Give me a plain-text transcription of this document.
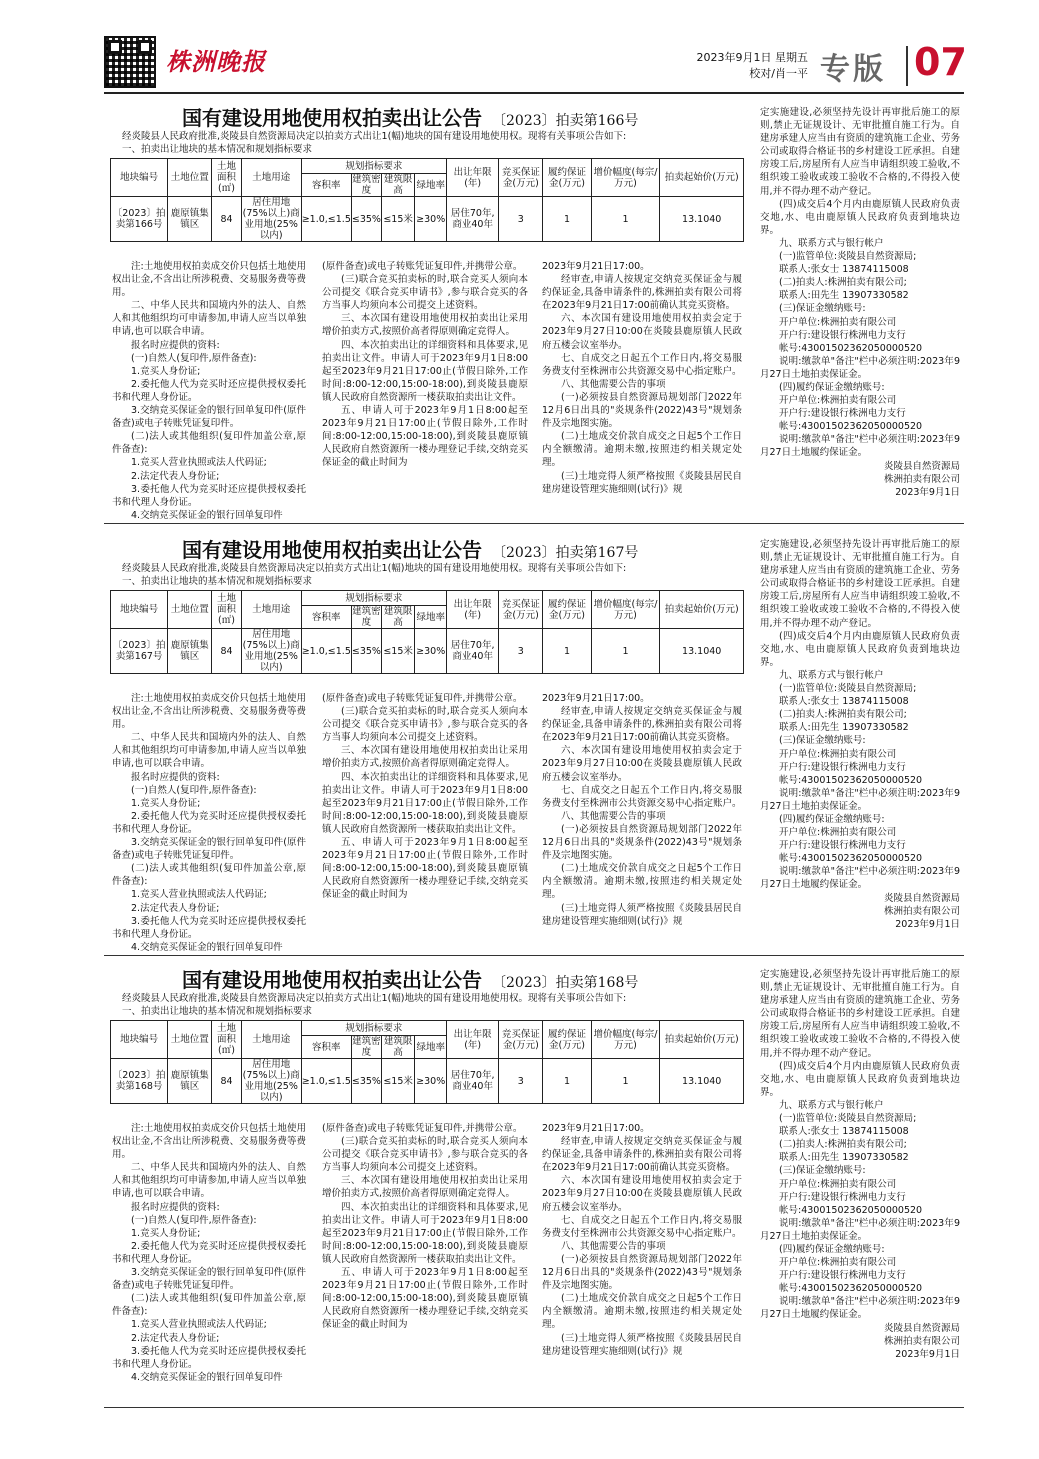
株洲晚报	2023年9月1日 星期五
校对/肖一平 专版 07
国有建设用地使用权拍卖出让公告 〔2023〕拍卖第166号
经炎陵县人民政府批准,炎陵县自然资源局决定以拍卖方式出让1(幅)地块的国有建设用地使用权。现将有关事项公告如下:
一、拍卖出让地块的基本情况和规划指标要求
地块编号	土地位置	土地面积(㎡)	土地用途	规划指标要求				出让年限(年)	竞买保证金(万元)	履约保证金(万元)	增价幅度(每宗/万元)	拍卖起始价(万元)
				容积率	建筑密度	建筑限高	绿地率					
〔2023〕拍卖第166号	鹿原镇集镇区	84	居住用地(75%以上)商业用地(25%以内)	≥1.0,≤1.5	≤35%	≤15米	≥30%	居住70年,商业40年	3	1	1	13.1040

注:土地使用权拍卖成交价只包括土地使用权出让金,不含出让所涉税费、交易服务费等费用。

二、中华人民共和国境内外的法人、自然人和其他组织均可申请参加,申请人应当以单独申请,也可以联合申请。

报名时应提供的资料:

(一)自然人(复印件,原件备查):

1.竞买人身份证;

2.委托他人代为竞买时还应提供授权委托书和代理人身份证。

3.交纳竞买保证金的银行回单复印件(原件备查)或电子转账凭证复印件。

(二)法人或其他组织(复印件加盖公章,原件备查):

1.竞买人营业执照或法人代码证;

2.法定代表人身份证;

3.委托他人代为竞买时还应提供授权委托书和代理人身份证。

4.交纳竞买保证金的银行回单复印件

(原件备查)或电子转账凭证复印件,并携带公章。

(三)联合竞买拍卖标的时,联合竞买人须向本公司提交《联合竞买申请书》,参与联合竞买的各方当事人均须向本公司提交上述资料。

三、本次国有建设用地使用权拍卖出让采用增价拍卖方式,按照价高者得原则确定竞得人。

四、本次拍卖出让的详细资料和具体要求,见拍卖出让文件。申请人可于2023年9月1日8:00起至2023年9月21日17:00止(节假日除外,工作时间:8:00-12:00,15:00-18:00),到炎陵县鹿原镇人民政府自然资源所一楼获取拍卖出让文件。

五、申请人可于2023年9月1日8:00起至2023年9月21日17:00止(节假日除外,工作时间:8:00-12:00,15:00-18:00),到炎陵县鹿原镇人民政府自然资源所一楼办理登记手续,交纳竞买保证金的截止时间为

2023年9月21日17:00。

经审查,申请人按规定交纳竞买保证金与履约保证金,具备申请条件的,株洲拍卖有限公司将在2023年9月21日17:00前确认其竞买资格。

六、本次国有建设用地使用权拍卖会定于2023年9月27日10:00在炎陵县鹿原镇人民政府五楼会议室举办。

七、自成交之日起五个工作日内,将交易服务费支付至株洲市公共资源交易中心指定账户。

八、其他需要公告的事项

(一)必须按县自然资源局规划部门2022年12月6日出具的"炎规条件(2022)43号"规划条件及宗地图实施。

(二)土地成交价款自成交之日起5个工作日内全额缴清。逾期未缴,按照违约相关规定处理。

(三)土地竞得人须严格按照《炎陵县居民自建房建设管理实施细则(试行)》规

定实施建设,必须坚持先设计再审批后施工的原则,禁止无证规设计、无审批擅自施工行为。自建房承建人应当由有资质的建筑施工企业、劳务公司或取得合格证书的乡村建设工匠承担。自建房竣工后,房屋所有人应当申请组织竣工验收,不组织竣工验收或竣工验收不合格的,不得投入使用,并不得办理不动产登记。

(四)成交后4个月内由鹿原镇人民政府负责交地,水、电由鹿原镇人民政府负责到地块边界。

九、联系方式与银行帐户

(一)监管单位:炎陵县自然资源局;

联系人:张女士 13874115008

(二)拍卖人:株洲拍卖有限公司;

联系人:田先生 13907330582

(三)保证金缴纳账号:

开户单位:株洲拍卖有限公司

开户行:建设银行株洲电力支行

帐号:43001502362050000520

说明:缴款单"备注"栏中必须注明:2023年9月27日土地拍卖保证金。

(四)履约保证金缴纳账号:

开户单位:株洲拍卖有限公司

开户行:建设银行株洲电力支行

帐号:43001502362050000520

说明:缴款单"备注"栏中必须注明:2023年9月27日土地履约保证金。

炎陵县自然资源局
株洲拍卖有限公司
2023年9月1日
国有建设用地使用权拍卖出让公告 〔2023〕拍卖第167号
经炎陵县人民政府批准,炎陵县自然资源局决定以拍卖方式出让1(幅)地块的国有建设用地使用权。现将有关事项公告如下:
一、拍卖出让地块的基本情况和规划指标要求
地块编号	土地位置	土地面积(㎡)	土地用途	规划指标要求				出让年限(年)	竞买保证金(万元)	履约保证金(万元)	增价幅度(每宗/万元)	拍卖起始价(万元)
				容积率	建筑密度	建筑限高	绿地率					
〔2023〕拍卖第167号	鹿原镇集镇区	84	居住用地(75%以上)商业用地(25%以内)	≥1.0,≤1.5	≤35%	≤15米	≥30%	居住70年,商业40年	3	1	1	13.1040

注:土地使用权拍卖成交价只包括土地使用权出让金,不含出让所涉税费、交易服务费等费用。

二、中华人民共和国境内外的法人、自然人和其他组织均可申请参加,申请人应当以单独申请,也可以联合申请。

报名时应提供的资料:

(一)自然人(复印件,原件备查):

1.竞买人身份证;

2.委托他人代为竞买时还应提供授权委托书和代理人身份证。

3.交纳竞买保证金的银行回单复印件(原件备查)或电子转账凭证复印件。

(二)法人或其他组织(复印件加盖公章,原件备查):

1.竞买人营业执照或法人代码证;

2.法定代表人身份证;

3.委托他人代为竞买时还应提供授权委托书和代理人身份证。

4.交纳竞买保证金的银行回单复印件

(原件备查)或电子转账凭证复印件,并携带公章。

(三)联合竞买拍卖标的时,联合竞买人须向本公司提交《联合竞买申请书》,参与联合竞买的各方当事人均须向本公司提交上述资料。

三、本次国有建设用地使用权拍卖出让采用增价拍卖方式,按照价高者得原则确定竞得人。

四、本次拍卖出让的详细资料和具体要求,见拍卖出让文件。申请人可于2023年9月1日8:00起至2023年9月21日17:00止(节假日除外,工作时间:8:00-12:00,15:00-18:00),到炎陵县鹿原镇人民政府自然资源所一楼获取拍卖出让文件。

五、申请人可于2023年9月1日8:00起至2023年9月21日17:00止(节假日除外,工作时间:8:00-12:00,15:00-18:00),到炎陵县鹿原镇人民政府自然资源所一楼办理登记手续,交纳竞买保证金的截止时间为

2023年9月21日17:00。

经审查,申请人按规定交纳竞买保证金与履约保证金,具备申请条件的,株洲拍卖有限公司将在2023年9月21日17:00前确认其竞买资格。

六、本次国有建设用地使用权拍卖会定于2023年9月27日10:00在炎陵县鹿原镇人民政府五楼会议室举办。

七、自成交之日起五个工作日内,将交易服务费支付至株洲市公共资源交易中心指定账户。

八、其他需要公告的事项

(一)必须按县自然资源局规划部门2022年12月6日出具的"炎规条件(2022)43号"规划条件及宗地图实施。

(二)土地成交价款自成交之日起5个工作日内全额缴清。逾期未缴,按照违约相关规定处理。

(三)土地竞得人须严格按照《炎陵县居民自建房建设管理实施细则(试行)》规

定实施建设,必须坚持先设计再审批后施工的原则,禁止无证规设计、无审批擅自施工行为。自建房承建人应当由有资质的建筑施工企业、劳务公司或取得合格证书的乡村建设工匠承担。自建房竣工后,房屋所有人应当申请组织竣工验收,不组织竣工验收或竣工验收不合格的,不得投入使用,并不得办理不动产登记。

(四)成交后4个月内由鹿原镇人民政府负责交地,水、电由鹿原镇人民政府负责到地块边界。

九、联系方式与银行帐户

(一)监管单位:炎陵县自然资源局;

联系人:张女士 13874115008

(二)拍卖人:株洲拍卖有限公司;

联系人:田先生 13907330582

(三)保证金缴纳账号:

开户单位:株洲拍卖有限公司

开户行:建设银行株洲电力支行

帐号:43001502362050000520

说明:缴款单"备注"栏中必须注明:2023年9月27日土地拍卖保证金。

(四)履约保证金缴纳账号:

开户单位:株洲拍卖有限公司

开户行:建设银行株洲电力支行

帐号:43001502362050000520

说明:缴款单"备注"栏中必须注明:2023年9月27日土地履约保证金。

炎陵县自然资源局
株洲拍卖有限公司
2023年9月1日
国有建设用地使用权拍卖出让公告 〔2023〕拍卖第168号
经炎陵县人民政府批准,炎陵县自然资源局决定以拍卖方式出让1(幅)地块的国有建设用地使用权。现将有关事项公告如下:
一、拍卖出让地块的基本情况和规划指标要求
地块编号	土地位置	土地面积(㎡)	土地用途	规划指标要求				出让年限(年)	竞买保证金(万元)	履约保证金(万元)	增价幅度(每宗/万元)	拍卖起始价(万元)
				容积率	建筑密度	建筑限高	绿地率					
〔2023〕拍卖第168号	鹿原镇集镇区	84	居住用地(75%以上)商业用地(25%以内)	≥1.0,≤1.5	≤35%	≤15米	≥30%	居住70年,商业40年	3	1	1	13.1040

注:土地使用权拍卖成交价只包括土地使用权出让金,不含出让所涉税费、交易服务费等费用。

二、中华人民共和国境内外的法人、自然人和其他组织均可申请参加,申请人应当以单独申请,也可以联合申请。

报名时应提供的资料:

(一)自然人(复印件,原件备查):

1.竞买人身份证;

2.委托他人代为竞买时还应提供授权委托书和代理人身份证。

3.交纳竞买保证金的银行回单复印件(原件备查)或电子转账凭证复印件。

(二)法人或其他组织(复印件加盖公章,原件备查):

1.竞买人营业执照或法人代码证;

2.法定代表人身份证;

3.委托他人代为竞买时还应提供授权委托书和代理人身份证。

4.交纳竞买保证金的银行回单复印件

(原件备查)或电子转账凭证复印件,并携带公章。

(三)联合竞买拍卖标的时,联合竞买人须向本公司提交《联合竞买申请书》,参与联合竞买的各方当事人均须向本公司提交上述资料。

三、本次国有建设用地使用权拍卖出让采用增价拍卖方式,按照价高者得原则确定竞得人。

四、本次拍卖出让的详细资料和具体要求,见拍卖出让文件。申请人可于2023年9月1日8:00起至2023年9月21日17:00止(节假日除外,工作时间:8:00-12:00,15:00-18:00),到炎陵县鹿原镇人民政府自然资源所一楼获取拍卖出让文件。

五、申请人可于2023年9月1日8:00起至2023年9月21日17:00止(节假日除外,工作时间:8:00-12:00,15:00-18:00),到炎陵县鹿原镇人民政府自然资源所一楼办理登记手续,交纳竞买保证金的截止时间为

2023年9月21日17:00。

经审查,申请人按规定交纳竞买保证金与履约保证金,具备申请条件的,株洲拍卖有限公司将在2023年9月21日17:00前确认其竞买资格。

六、本次国有建设用地使用权拍卖会定于2023年9月27日10:00在炎陵县鹿原镇人民政府五楼会议室举办。

七、自成交之日起五个工作日内,将交易服务费支付至株洲市公共资源交易中心指定账户。

八、其他需要公告的事项

(一)必须按县自然资源局规划部门2022年12月6日出具的"炎规条件(2022)43号"规划条件及宗地图实施。

(二)土地成交价款自成交之日起5个工作日内全额缴清。逾期未缴,按照违约相关规定处理。

(三)土地竞得人须严格按照《炎陵县居民自建房建设管理实施细则(试行)》规

定实施建设,必须坚持先设计再审批后施工的原则,禁止无证规设计、无审批擅自施工行为。自建房承建人应当由有资质的建筑施工企业、劳务公司或取得合格证书的乡村建设工匠承担。自建房竣工后,房屋所有人应当申请组织竣工验收,不组织竣工验收或竣工验收不合格的,不得投入使用,并不得办理不动产登记。

(四)成交后4个月内由鹿原镇人民政府负责交地,水、电由鹿原镇人民政府负责到地块边界。

九、联系方式与银行帐户

(一)监管单位:炎陵县自然资源局;

联系人:张女士 13874115008

(二)拍卖人:株洲拍卖有限公司;

联系人:田先生 13907330582

(三)保证金缴纳账号:

开户单位:株洲拍卖有限公司

开户行:建设银行株洲电力支行

帐号:43001502362050000520

说明:缴款单"备注"栏中必须注明:2023年9月27日土地拍卖保证金。

(四)履约保证金缴纳账号:

开户单位:株洲拍卖有限公司

开户行:建设银行株洲电力支行

帐号:43001502362050000520

说明:缴款单"备注"栏中必须注明:2023年9月27日土地履约保证金。

炎陵县自然资源局
株洲拍卖有限公司
2023年9月1日
